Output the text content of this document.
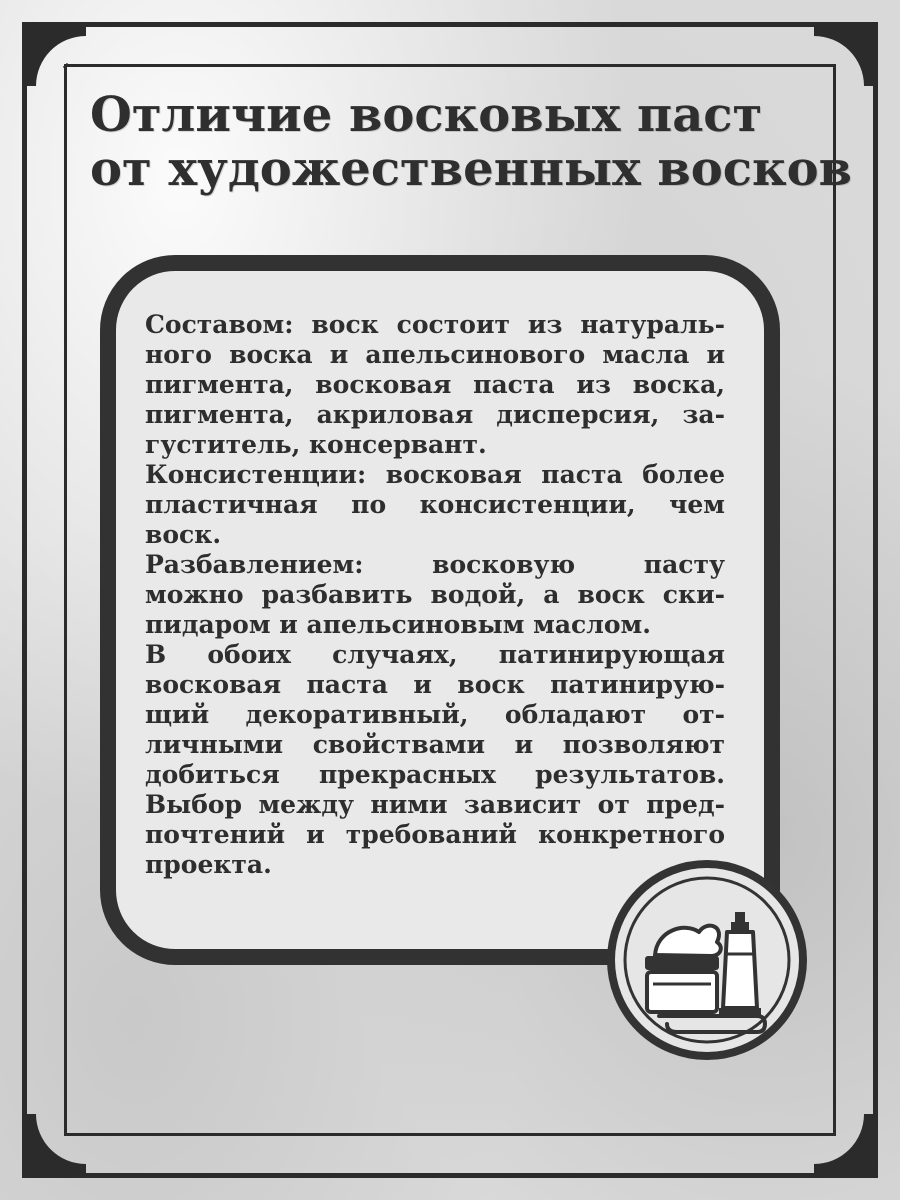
Отличие восковых паст
от художественных восков
Составом: воск состоит из натураль-
ного воска и апельсинового масла и
пигмента, восковая паста из воска,
пигмента, акриловая дисперсия, за-
густитель, консервант.
Консистенции: восковая паста более
пластичная по консистенции, чем
воск.
Разбавлением: восковую пасту
можно разбавить водой, а воск ски-
пидаром и апельсиновым маслом.
В обоих случаях, патинирующая
восковая паста и воск патинирую-
щий декоративный, обладают от-
личными свойствами и позволяют
добиться прекрасных результатов.
Выбор между ними зависит от пред-
почтений и требований конкретного
проекта.
